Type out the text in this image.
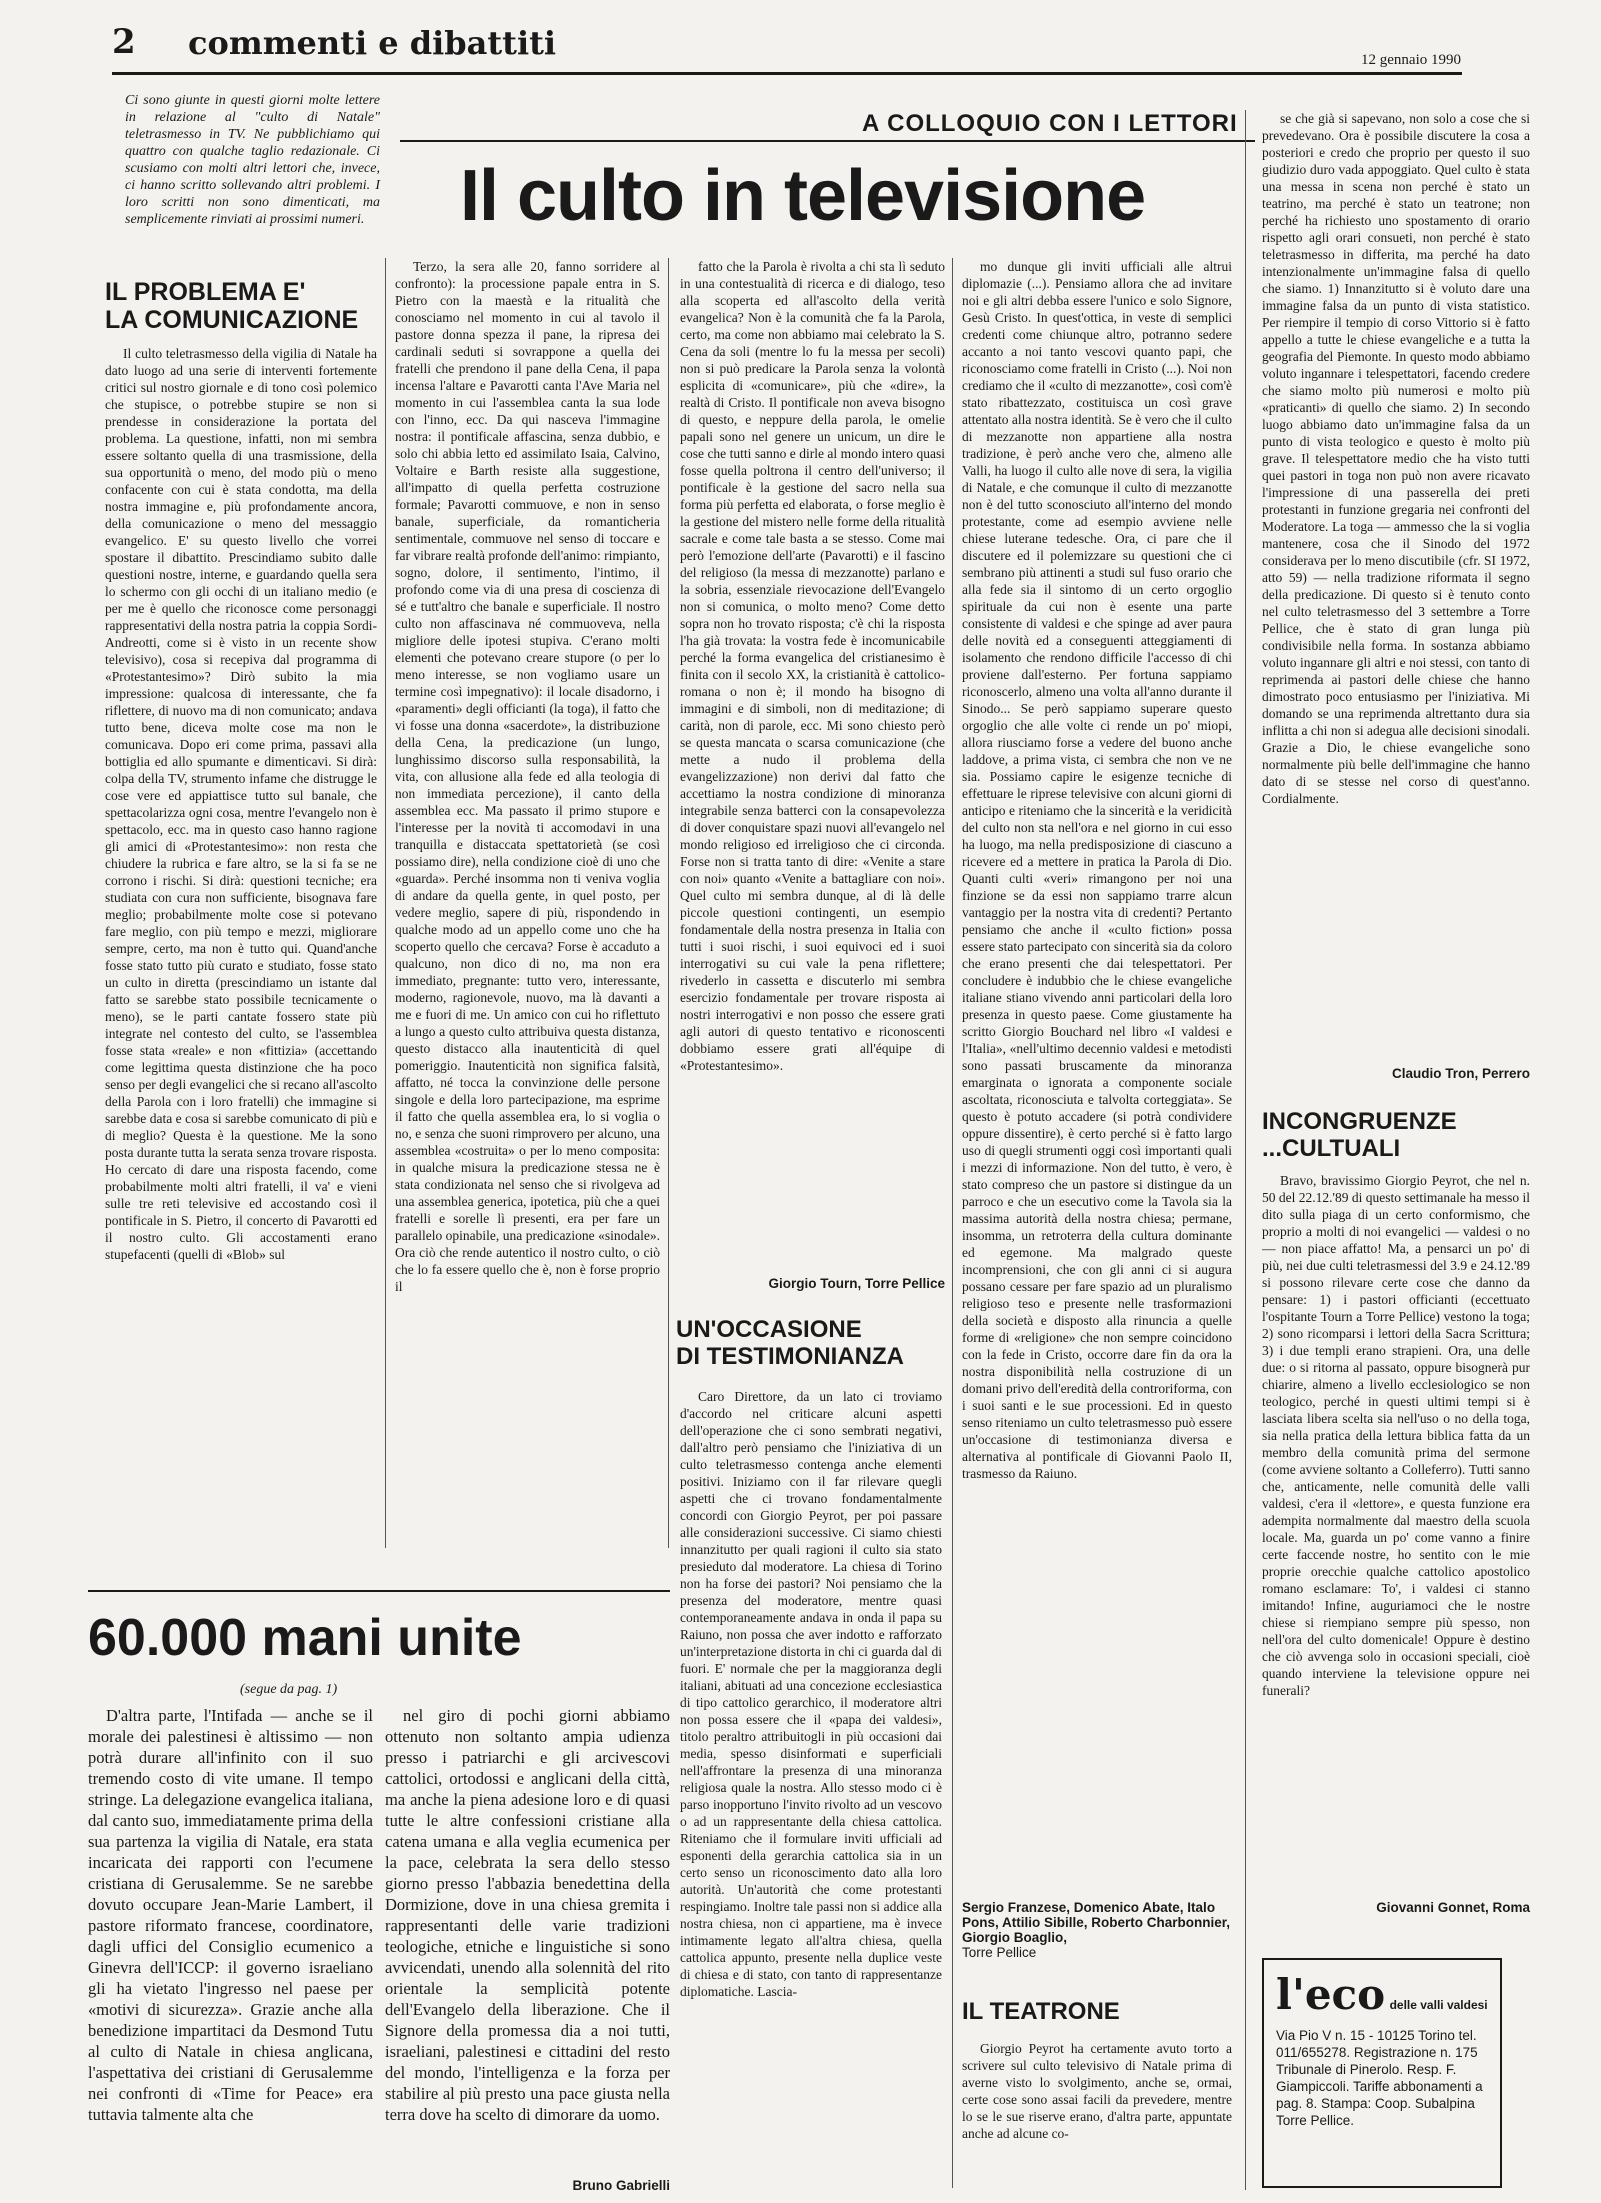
2 commenti e dibattiti	12 gennaio 1990
Ci sono giunte in questi giorni molte lettere in relazione al "culto di Natale" teletrasmesso in TV. Ne pubblichiamo qui quattro con qualche taglio redazionale. Ci scusiamo con molti altri lettori che, invece, ci hanno scritto sollevando altri problemi. I loro scritti non sono dimenticati, ma semplicemente rinviati ai prossimi numeri.
A COLLOQUIO CON I LETTORI
Il culto in televisione
IL PROBLEMA E'
LA COMUNICAZIONE

Il culto teletrasmesso della vigilia di Natale ha dato luogo ad una serie di interventi fortemente critici sul nostro giornale e di tono così polemico che stupisce, o potrebbe stupire se non si prendesse in considerazione la portata del problema. La questione, infatti, non mi sembra essere soltanto quella di una trasmissione, della sua opportunità o meno, del modo più o meno confacente con cui è stata condotta, ma della nostra immagine e, più profondamente ancora, della comunicazione o meno del messaggio evangelico. E' su questo livello che vorrei spostare il dibattito. Prescindiamo subito dalle questioni nostre, interne, e guardando quella sera lo schermo con gli occhi di un italiano medio (e per me è quello che riconosce come personaggi rappresentativi della nostra patria la coppia Sordi-Andreotti, come si è visto in un recente show televisivo), cosa si recepiva dal programma di «Protestantesimo»? Dirò subito la mia impressione: qualcosa di interessante, che fa riflettere, di nuovo ma di non comunicato; andava tutto bene, diceva molte cose ma non le comunicava. Dopo eri come prima, passavi alla bottiglia ed allo spumante e dimenticavi. Si dirà: colpa della TV, strumento infame che distrugge le cose vere ed appiattisce tutto sul banale, che spettacolarizza ogni cosa, mentre l'evangelo non è spettacolo, ecc. ma in questo caso hanno ragione gli amici di «Protestantesimo»: non resta che chiudere la rubrica e fare altro, se la si fa se ne corrono i rischi. Si dirà: questioni tecniche; era studiata con cura non sufficiente, bisognava fare meglio; probabilmente molte cose si potevano fare meglio, con più tempo e mezzi, migliorare sempre, certo, ma non è tutto qui. Quand'anche fosse stato tutto più curato e studiato, fosse stato un culto in diretta (prescindiamo un istante dal fatto se sarebbe stato possibile tecnicamente o meno), se le parti cantate fossero state più integrate nel contesto del culto, se l'assemblea fosse stata «reale» e non «fittizia» (accettando come legittima questa distinzione che ha poco senso per degli evangelici che si recano all'ascolto della Parola con i loro fratelli) che immagine si sarebbe data e cosa si sarebbe comunicato di più e di meglio? Questa è la questione. Me la sono posta durante tutta la serata senza trovare risposta. Ho cercato di dare una risposta facendo, come probabilmente molti altri fratelli, il va' e vieni sulle tre reti televisive ed accostando così il pontificale in S. Pietro, il concerto di Pavarotti ed il nostro culto. Gli accostamenti erano stupefacenti (quelli di «Blob» sul

Terzo, la sera alle 20, fanno sorridere al confronto): la processione papale entra in S. Pietro con la maestà e la ritualità che conosciamo nel momento in cui al tavolo il pastore donna spezza il pane, la ripresa dei cardinali seduti si sovrappone a quella dei fratelli che prendono il pane della Cena, il papa incensa l'altare e Pavarotti canta l'Ave Maria nel momento in cui l'assemblea canta la sua lode con l'inno, ecc. Da qui nasceva l'immagine nostra: il pontificale affascina, senza dubbio, e solo chi abbia letto ed assimilato Isaia, Calvino, Voltaire e Barth resiste alla suggestione, all'impatto di quella perfetta costruzione formale; Pavarotti commuove, e non in senso banale, superficiale, da romanticheria sentimentale, commuove nel senso di toccare e far vibrare realtà profonde dell'animo: rimpianto, sogno, dolore, il sentimento, l'intimo, il profondo come via di una presa di coscienza di sé e tutt'altro che banale e superficiale. Il nostro culto non affascinava né commuoveva, nella migliore delle ipotesi stupiva. C'erano molti elementi che potevano creare stupore (o per lo meno interesse, se non vogliamo usare un termine così impegnativo): il locale disadorno, i «paramenti» degli officianti (la toga), il fatto che vi fosse una donna «sacerdote», la distribuzione della Cena, la predicazione (un lungo, lunghissimo discorso sulla responsabilità, la vita, con allusione alla fede ed alla teologia di non immediata percezione), il canto della assemblea ecc. Ma passato il primo stupore e l'interesse per la novità ti accomodavi in una tranquilla e distaccata spettatorietà (se così possiamo dire), nella condizione cioè di uno che «guarda». Perché insomma non ti veniva voglia di andare da quella gente, in quel posto, per vedere meglio, sapere di più, rispondendo in qualche modo ad un appello come uno che ha scoperto quello che cercava? Forse è accaduto a qualcuno, non dico di no, ma non era immediato, pregnante: tutto vero, interessante, moderno, ragionevole, nuovo, ma là davanti a me e fuori di me. Un amico con cui ho riflettuto a lungo a questo culto attribuiva questa distanza, questo distacco alla inautenticità di quel pomeriggio. Inautenticità non significa falsità, affatto, né tocca la convinzione delle persone singole e della loro partecipazione, ma esprime il fatto che quella assemblea era, lo si voglia o no, e senza che suoni rimprovero per alcuno, una assemblea «costruita» o per lo meno composita: in qualche misura la predicazione stessa ne è stata condizionata nel senso che si rivolgeva ad una assemblea generica, ipotetica, più che a quei fratelli e sorelle lì presenti, era per fare un parallelo opinabile, una predicazione «sinodale». Ora ciò che rende autentico il nostro culto, o ciò che lo fa essere quello che è, non è forse proprio il

fatto che la Parola è rivolta a chi sta lì seduto in una contestualità di ricerca e di dialogo, teso alla scoperta ed all'ascolto della verità evangelica? Non è la comunità che fa la Parola, certo, ma come non abbiamo mai celebrato la S. Cena da soli (mentre lo fu la messa per secoli) non si può predicare la Parola senza la volontà esplicita di «comunicare», più che «dire», la realtà di Cristo. Il pontificale non aveva bisogno di questo, e neppure della parola, le omelie papali sono nel genere un unicum, un dire le cose che tutti sanno e dirle al mondo intero quasi fosse quella poltrona il centro dell'universo; il pontificale è la gestione del sacro nella sua forma più perfetta ed elaborata, o forse meglio è la gestione del mistero nelle forme della ritualità sacrale e come tale basta a se stesso. Come mai però l'emozione dell'arte (Pavarotti) e il fascino del religioso (la messa di mezzanotte) parlano e la sobria, essenziale rievocazione dell'Evangelo non si comunica, o molto meno? Come detto sopra non ho trovato risposta; c'è chi la risposta l'ha già trovata: la vostra fede è incomunicabile perché la forma evangelica del cristianesimo è finita con il secolo XX, la cristianità è cattolico-romana o non è; il mondo ha bisogno di immagini e di simboli, non di meditazione; di carità, non di parole, ecc. Mi sono chiesto però se questa mancata o scarsa comunicazione (che mette a nudo il problema della evangelizzazione) non derivi dal fatto che accettiamo la nostra condizione di minoranza integrabile senza batterci con la consapevolezza di dover conquistare spazi nuovi all'evangelo nel mondo religioso ed irreligioso che ci circonda. Forse non si tratta tanto di dire: «Venite a stare con noi» quanto «Venite a battagliare con noi». Quel culto mi sembra dunque, al di là delle piccole questioni contingenti, un esempio fondamentale della nostra presenza in Italia con tutti i suoi rischi, i suoi equivoci ed i suoi interrogativi su cui vale la pena riflettere; rivederlo in cassetta e discuterlo mi sembra esercizio fondamentale per trovare risposta ai nostri interrogativi e non posso che essere grati agli autori di questo tentativo e riconoscenti dobbiamo essere grati all'équipe di «Protestantesimo».

Giorgio Tourn, Torre Pellice
UN'OCCASIONE
DI TESTIMONIANZA

Caro Direttore, da un lato ci troviamo d'accordo nel criticare alcuni aspetti dell'operazione che ci sono sembrati negativi, dall'altro però pensiamo che l'iniziativa di un culto teletrasmesso contenga anche elementi positivi. Iniziamo con il far rilevare quegli aspetti che ci trovano fondamentalmente concordi con Giorgio Peyrot, per poi passare alle considerazioni successive. Ci siamo chiesti innanzitutto per quali ragioni il culto sia stato presieduto dal moderatore. La chiesa di Torino non ha forse dei pastori? Noi pensiamo che la presenza del moderatore, mentre quasi contemporaneamente andava in onda il papa su Raiuno, non possa che aver indotto e rafforzato un'interpretazione distorta in chi ci guarda dal di fuori. E' normale che per la maggioranza degli italiani, abituati ad una concezione ecclesiastica di tipo cattolico gerarchico, il moderatore altri non possa essere che il «papa dei valdesi», titolo peraltro attribuitogli in più occasioni dai media, spesso disinformati e superficiali nell'affrontare la presenza di una minoranza religiosa quale la nostra. Allo stesso modo ci è parso inopportuno l'invito rivolto ad un vescovo o ad un rappresentante della chiesa cattolica. Riteniamo che il formulare inviti ufficiali ad esponenti della gerarchia cattolica sia in un certo senso un riconoscimento dato alla loro autorità. Un'autorità che come protestanti respingiamo. Inoltre tale passi non si addice alla nostra chiesa, non ci appartiene, ma è invece intimamente legato all'altra chiesa, quella cattolica appunto, presente nella duplice veste di chiesa e di stato, con tanto di rappresentanze diplomatiche. Lascia-

mo dunque gli inviti ufficiali alle altrui diplomazie (...). Pensiamo allora che ad invitare noi e gli altri debba essere l'unico e solo Signore, Gesù Cristo. In quest'ottica, in veste di semplici credenti come chiunque altro, potranno sedere accanto a noi tanto vescovi quanto papi, che riconosciamo come fratelli in Cristo (...). Noi non crediamo che il «culto di mezzanotte», così com'è stato ribattezzato, costituisca un così grave attentato alla nostra identità. Se è vero che il culto di mezzanotte non appartiene alla nostra tradizione, è però anche vero che, almeno alle Valli, ha luogo il culto alle nove di sera, la vigilia di Natale, e che comunque il culto di mezzanotte non è del tutto sconosciuto all'interno del mondo protestante, come ad esempio avviene nelle chiese luterane tedesche. Ora, ci pare che il discutere ed il polemizzare su questioni che ci sembrano più attinenti a studi sul fuso orario che alla fede sia il sintomo di un certo orgoglio spirituale da cui non è esente una parte consistente di valdesi e che spinge ad aver paura delle novità ed a conseguenti atteggiamenti di isolamento che rendono difficile l'accesso di chi proviene dall'esterno. Per fortuna sappiamo riconoscerlo, almeno una volta all'anno durante il Sinodo... Se però sappiamo superare questo orgoglio che alle volte ci rende un po' miopi, allora riusciamo forse a vedere del buono anche laddove, a prima vista, ci sembra che non ve ne sia. Possiamo capire le esigenze tecniche di effettuare le riprese televisive con alcuni giorni di anticipo e riteniamo che la sincerità e la veridicità del culto non sta nell'ora e nel giorno in cui esso ha luogo, ma nella predisposizione di ciascuno a ricevere ed a mettere in pratica la Parola di Dio. Quanti culti «veri» rimangono per noi una finzione se da essi non sappiamo trarre alcun vantaggio per la nostra vita di credenti? Pertanto pensiamo che anche il «culto fiction» possa essere stato partecipato con sincerità sia da coloro che erano presenti che dai telespettatori. Per concludere è indubbio che le chiese evangeliche italiane stiano vivendo anni particolari della loro presenza in questo paese. Come giustamente ha scritto Giorgio Bouchard nel libro «I valdesi e l'Italia», «nell'ultimo decennio valdesi e metodisti sono passati bruscamente da minoranza emarginata o ignorata a componente sociale ascoltata, riconosciuta e talvolta corteggiata». Se questo è potuto accadere (si potrà condividere oppure dissentire), è certo perché si è fatto largo uso di quegli strumenti oggi così importanti quali i mezzi di informazione. Non del tutto, è vero, è stato compreso che un pastore si distingue da un parroco e che un esecutivo come la Tavola sia la massima autorità della nostra chiesa; permane, insomma, un retroterra della cultura dominante ed egemone. Ma malgrado queste incomprensioni, che con gli anni ci si augura possano cessare per fare spazio ad un pluralismo religioso teso e presente nelle trasformazioni della società e disposto alla rinuncia a quelle forme di «religione» che non sempre coincidono con la fede in Cristo, occorre dare fin da ora la nostra disponibilità nella costruzione di un domani privo dell'eredità della controriforma, con i suoi santi e le sue processioni. Ed in questo senso riteniamo un culto teletrasmesso può essere un'occasione di testimonianza diversa e alternativa al pontificale di Giovanni Paolo II, trasmesso da Raiuno.

Sergio Franzese, Domenico Abate, Italo Pons, Attilio Sibille, Roberto Charbonnier, Giorgio Boaglio,
Torre Pellice
IL TEATRONE

Giorgio Peyrot ha certamente avuto torto a scrivere sul culto televisivo di Natale prima di averne visto lo svolgimento, anche se, ormai, certe cose sono assai facili da prevedere, mentre lo se le sue riserve erano, d'altra parte, appuntate anche ad alcune co-

se che già si sapevano, non solo a cose che si prevedevano. Ora è possibile discutere la cosa a posteriori e credo che proprio per questo il suo giudizio duro vada appoggiato. Quel culto è stata una messa in scena non perché è stato un teatrino, ma perché è stato un teatrone; non perché ha richiesto uno spostamento di orario rispetto agli orari consueti, non perché è stato teletrasmesso in differita, ma perché ha dato intenzionalmente un'immagine falsa di quello che siamo. 1) Innanzitutto si è voluto dare una immagine falsa da un punto di vista statistico. Per riempire il tempio di corso Vittorio si è fatto appello a tutte le chiese evangeliche e a tutta la geografia del Piemonte. In questo modo abbiamo voluto ingannare i telespettatori, facendo credere che siamo molto più numerosi e molto più «praticanti» di quello che siamo. 2) In secondo luogo abbiamo dato un'immagine falsa da un punto di vista teologico e questo è molto più grave. Il telespettatore medio che ha visto tutti quei pastori in toga non può non avere ricavato l'impressione di una passerella dei preti protestanti in funzione gregaria nei confronti del Moderatore. La toga — ammesso che la si voglia mantenere, cosa che il Sinodo del 1972 considerava per lo meno discutibile (cfr. SI 1972, atto 59) — nella tradizione riformata il segno della predicazione. Di questo si è tenuto conto nel culto teletrasmesso del 3 settembre a Torre Pellice, che è stato di gran lunga più condivisibile nella forma. In sostanza abbiamo voluto ingannare gli altri e noi stessi, con tanto di reprimenda ai pastori delle chiese che hanno dimostrato poco entusiasmo per l'iniziativa. Mi domando se una reprimenda altrettanto dura sia inflitta a chi non si adegua alle decisioni sinodali. Grazie a Dio, le chiese evangeliche sono normalmente più belle dell'immagine che hanno dato di se stesse nel corso di quest'anno. Cordialmente.

Claudio Tron, Perrero
INCONGRUENZE
...CULTUALI

Bravo, bravissimo Giorgio Peyrot, che nel n. 50 del 22.12.'89 di questo settimanale ha messo il dito sulla piaga di un certo conformismo, che proprio a molti di noi evangelici — valdesi o no — non piace affatto! Ma, a pensarci un po' di più, nei due culti teletrasmessi del 3.9 e 24.12.'89 si possono rilevare certe cose che danno da pensare: 1) i pastori officianti (eccettuato l'ospitante Tourn a Torre Pellice) vestono la toga; 2) sono ricomparsi i lettori della Sacra Scrittura; 3) i due templi erano strapieni. Ora, una delle due: o si ritorna al passato, oppure bisognerà pur chiarire, almeno a livello ecclesiologico se non teologico, perché in questi ultimi tempi si è lasciata libera scelta sia nell'uso o no della toga, sia nella pratica della lettura biblica fatta da un membro della comunità prima del sermone (come avviene soltanto a Colleferro). Tutti sanno che, anticamente, nelle comunità delle valli valdesi, c'era il «lettore», e questa funzione era adempita normalmente dal maestro della scuola locale. Ma, guarda un po' come vanno a finire certe faccende nostre, ho sentito con le mie proprie orecchie qualche cattolico apostolico romano esclamare: To', i valdesi ci stanno imitando! Infine, auguriamoci che le nostre chiese si riempiano sempre più spesso, non nell'ora del culto domenicale! Oppure è destino che ciò avvenga solo in occasioni speciali, cioè quando interviene la televisione oppure nei funerali?

Giovanni Gonnet, Roma
60.000 mani unite
(segue da pag. 1)

D'altra parte, l'Intifada — anche se il morale dei palestinesi è altissimo — non potrà durare all'infinito con il suo tremendo costo di vite umane. Il tempo stringe. La delegazione evangelica italiana, dal canto suo, immediatamente prima della sua partenza la vigilia di Natale, era stata incaricata dei rapporti con l'ecumene cristiana di Gerusalemme. Se ne sarebbe dovuto occupare Jean-Marie Lambert, il pastore riformato francese, coordinatore, dagli uffici del Consiglio ecumenico a Ginevra dell'ICCP: il governo israeliano gli ha vietato l'ingresso nel paese per «motivi di sicurezza». Grazie anche alla benedizione impartitaci da Desmond Tutu al culto di Natale in chiesa anglicana, l'aspettativa dei cristiani di Gerusalemme nei confronti di «Time for Peace» era tuttavia talmente alta che

nel giro di pochi giorni abbiamo ottenuto non soltanto ampia udienza presso i patriarchi e gli arcivescovi cattolici, ortodossi e anglicani della città, ma anche la piena adesione loro e di quasi tutte le altre confessioni cristiane alla catena umana e alla veglia ecumenica per la pace, celebrata la sera dello stesso giorno presso l'abbazia benedettina della Dormizione, dove in una chiesa gremita i rappresentanti delle varie tradizioni teologiche, etniche e linguistiche si sono avvicendati, unendo alla solennità del rito orientale la semplicità potente dell'Evangelo della liberazione. Che il Signore della promessa dia a noi tutti, israeliani, palestinesi e cittadini del resto del mondo, l'intelligenza e la forza per stabilire al più presto una pace giusta nella terra dove ha scelto di dimorare da uomo.

Bruno Gabrielli
l'eco delle valli valdesi
Via Pio V n. 15 - 10125 Torino tel. 011/655278. Registrazione n. 175 Tribunale di Pinerolo. Resp. F. Giampiccoli. Tariffe abbonamenti a pag. 8. Stampa: Coop. Subalpina Torre Pellice.
